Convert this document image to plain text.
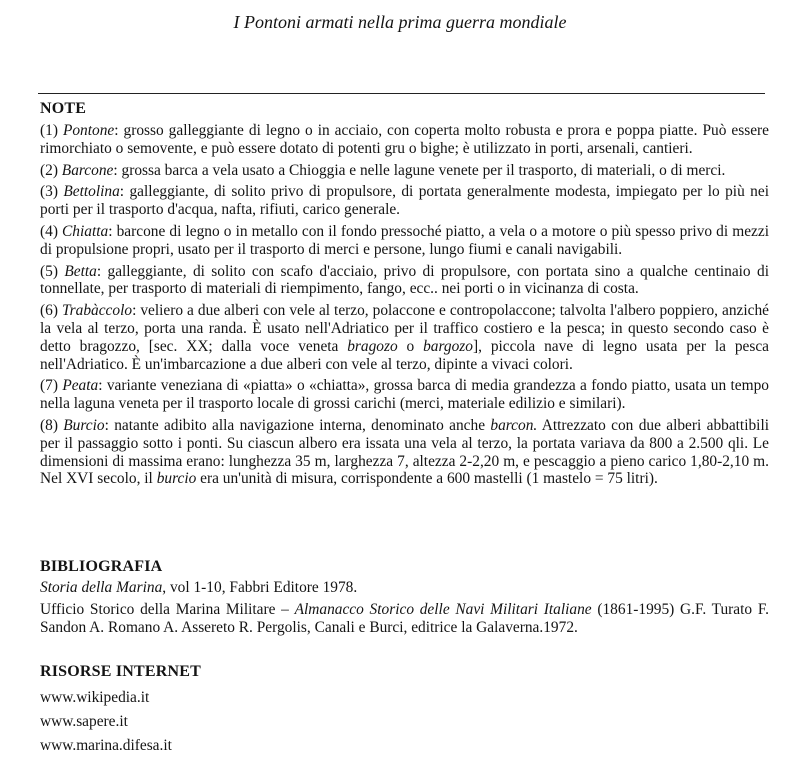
I Pontoni armati nella prima guerra mondiale
NOTE

(1) Pontone: grosso galleggiante di legno o in acciaio, con coperta molto robusta e prora e poppa piatte. Può essere rimorchiato o semovente, e può essere dotato di potenti gru o bighe; è utilizzato in porti, arsenali, cantieri.

(2) Barcone: grossa barca a vela usato a Chioggia e nelle lagune venete per il trasporto, di materiali, o di merci.

(3) Bettolina: galleggiante, di solito privo di propulsore, di portata generalmente modesta, impiegato per lo più nei porti per il trasporto d'acqua, nafta, rifiuti, carico generale.

(4) Chiatta: barcone di legno o in metallo con il fondo pressoché piatto, a vela o a motore o più spesso privo di mezzi di propulsione propri, usato per il trasporto di merci e persone, lungo fiumi e canali navigabili.

(5) Betta: galleggiante, di solito con scafo d'acciaio, privo di propulsore, con portata sino a qualche centinaio di tonnellate, per trasporto di materiali di riempimento, fango, ecc.. nei porti o in vicinanza di costa.

(6) Trabàccolo: veliero a due alberi con vele al terzo, polaccone e contropolaccone; talvolta l'albero poppiero, anziché la vela al terzo, porta una randa. È usato nell'Adriatico per il traffico costiero e la pesca; in questo secondo caso è detto bragozzo, [sec. XX; dalla voce veneta bragozo o bargozo], piccola nave di legno usata per la pesca nell'Adriatico. È un'imbarcazione a due alberi con vele al terzo, dipinte a vivaci colori.

(7) Peata: variante veneziana di «piatta» o «chiatta», grossa barca di media grandezza a fondo piatto, usata un tempo nella laguna veneta per il trasporto locale di grossi carichi (merci, materiale edilizio e similari).

(8) Burcio: natante adibito alla navigazione interna, denominato anche barcon. Attrezzato con due alberi abbattibili per il passaggio sotto i ponti. Su ciascun albero era issata una vela al terzo, la portata variava da 800 a 2.500 qli. Le dimensioni di massima erano: lunghezza 35 m, larghezza 7, altezza 2-2,20 m, e pescaggio a pieno carico 1,80-2,10 m. Nel XVI secolo, il burcio era un'unità di misura, corrispondente a 600 mastelli (1 mastelo = 75 litri).

BIBLIOGRAFIA

Storia della Marina, vol 1-10, Fabbri Editore 1978.

Ufficio Storico della Marina Militare – Almanacco Storico delle Navi Militari Italiane (1861-1995) G.F. Turato F. Sandon A. Romano A. Assereto R. Pergolis, Canali e Burci, editrice la Galaverna.1972.

RISORSE INTERNET
www.wikipedia.it
www.sapere.it
www.marina.difesa.it
